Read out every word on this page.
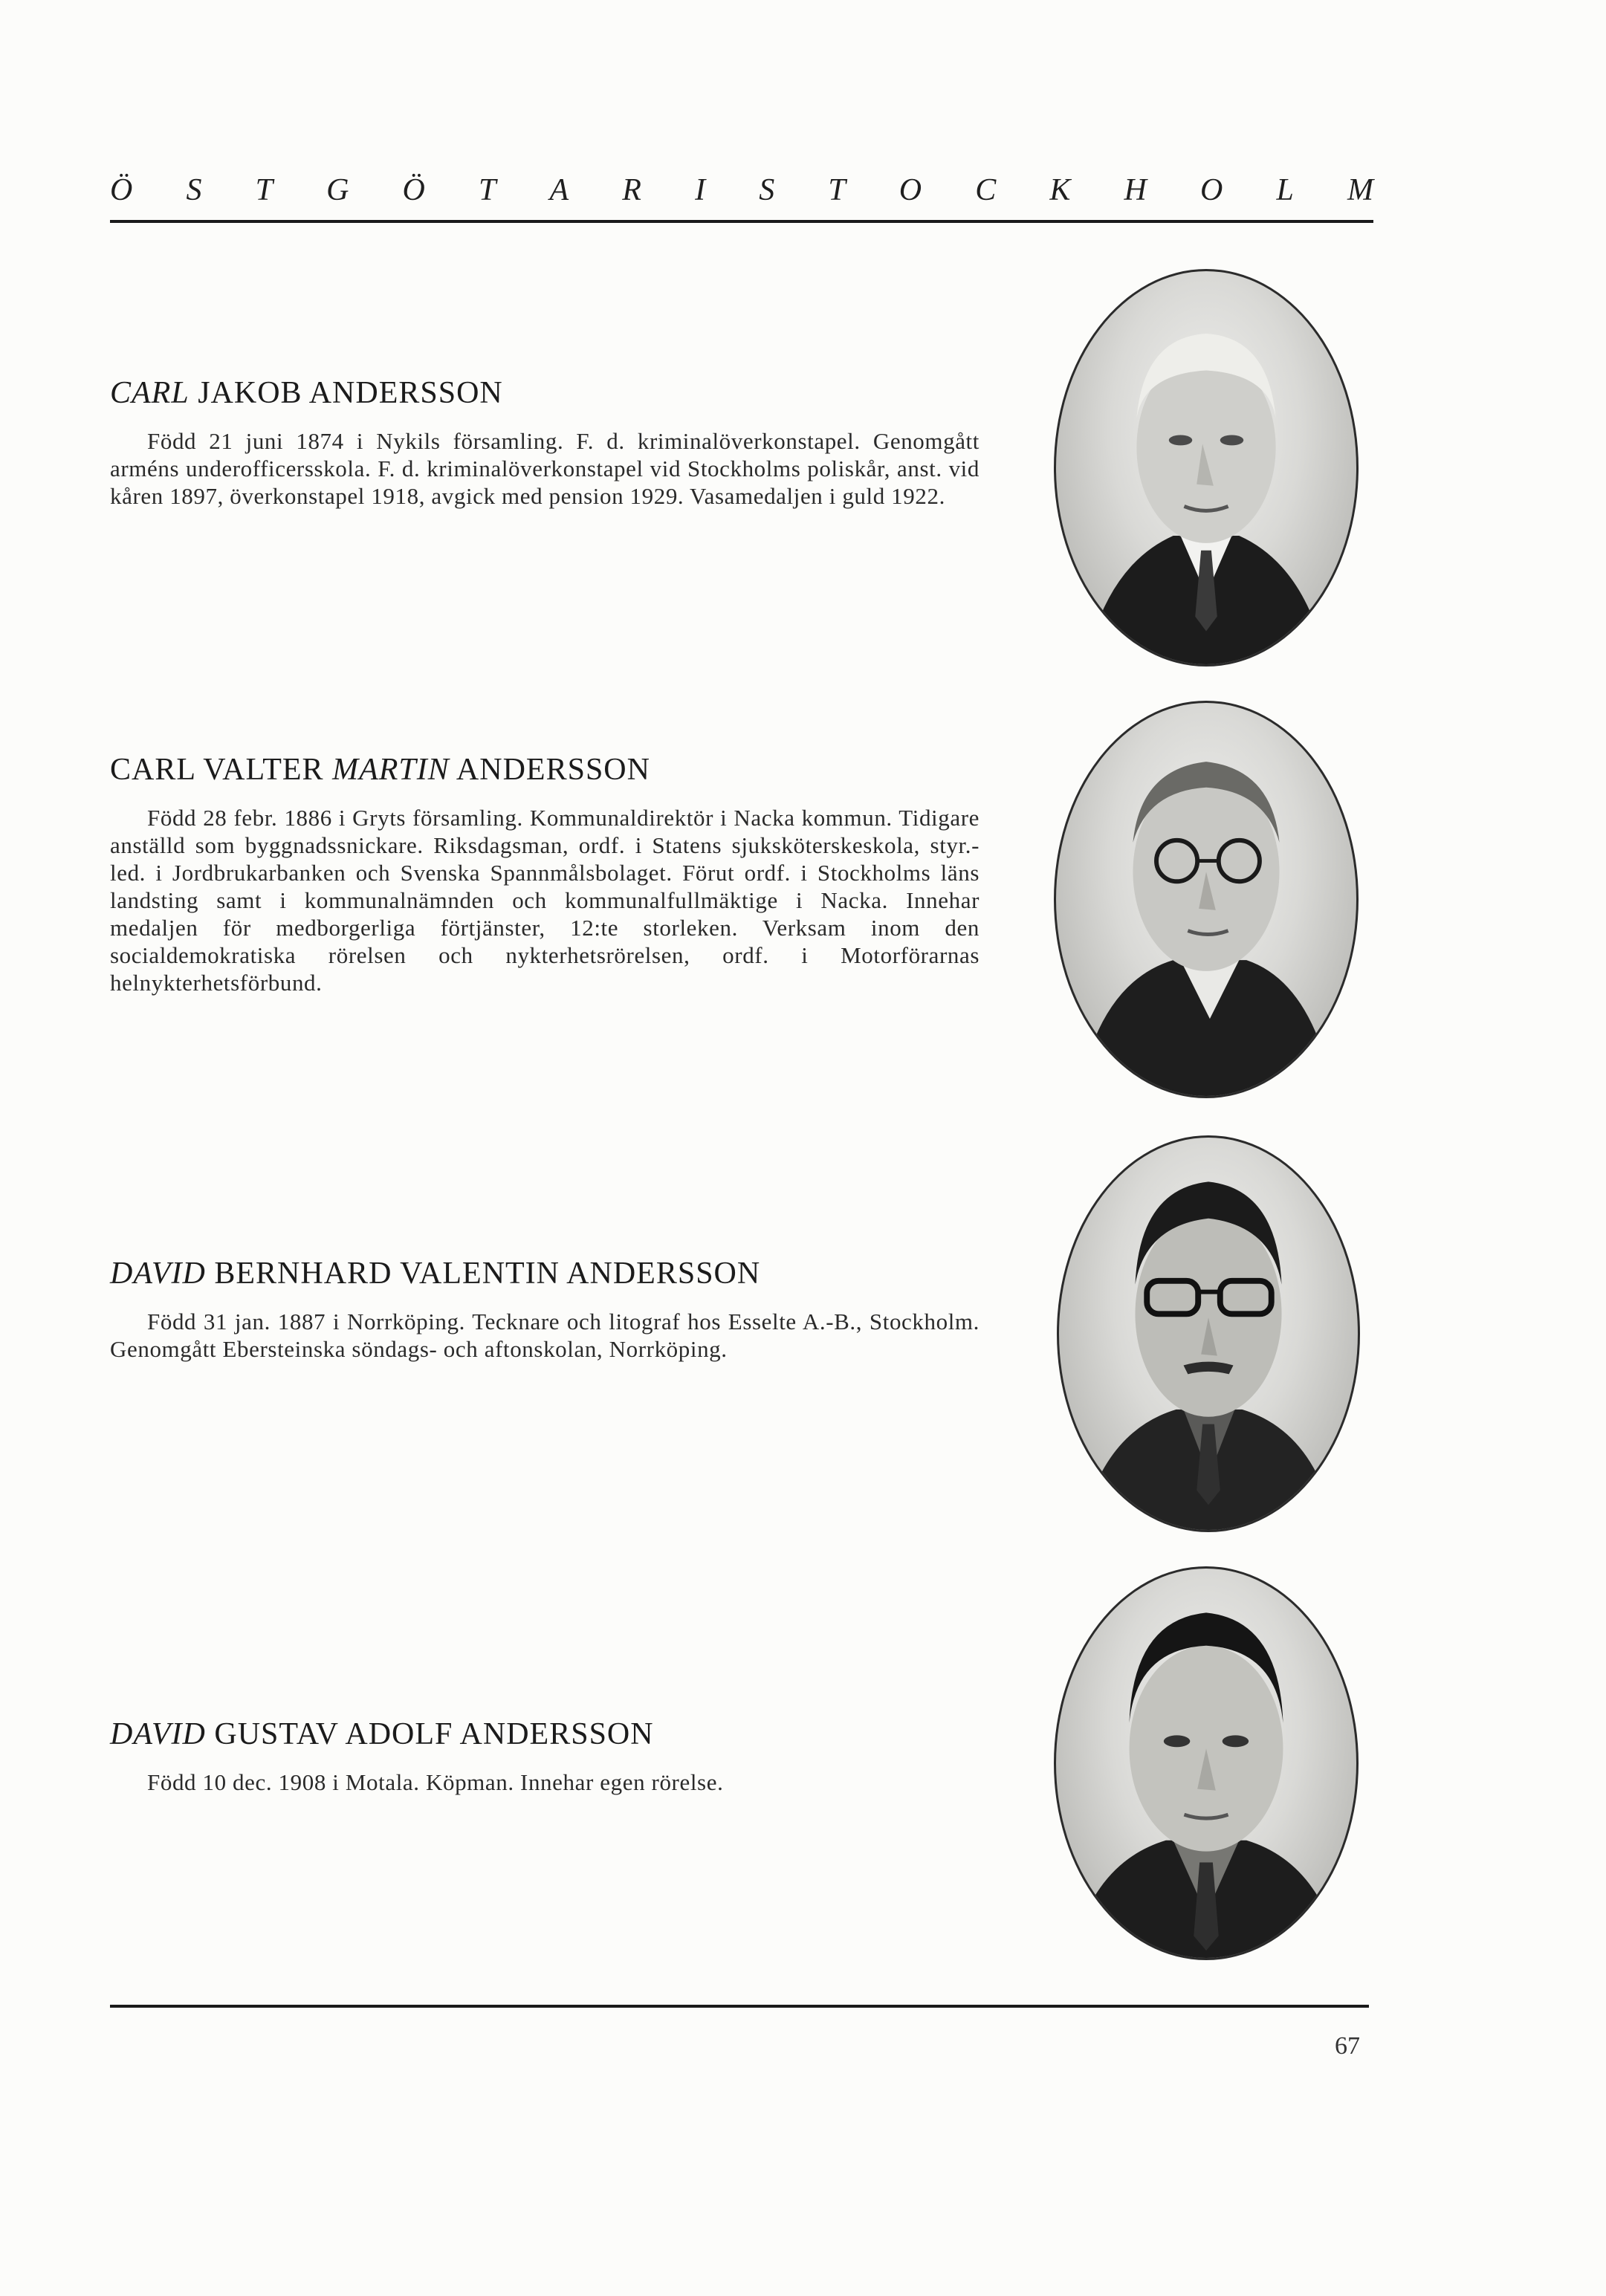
Ö S T G Ö T A R I S T O C K H O L M
CARL JAKOB ANDERSSON

Född 21 juni 1874 i Nykils församling. F. d. kriminalöverkonstapel. Genomgått arméns underofficersskola. F. d. kriminalöverkonstapel vid Stockholms poliskår, anst. vid kåren 1897, överkonstapel 1918, avgick med pension 1929. Vasamedaljen i guld 1922.

CARL VALTER MARTIN ANDERSSON

Född 28 febr. 1886 i Gryts församling. Kommunaldirektör i Nacka kommun. Tidigare anställd som byggnadssnickare. Riksdagsman, ordf. i Statens sjuksköterskeskola, styr.-led. i Jordbrukarbanken och Svenska Spannmålsbolaget. Förut ordf. i Stockholms läns landsting samt i kommunalnämnden och kommunalfullmäktige i Nacka. Innehar medaljen för medborgerliga förtjänster, 12:te storleken. Verksam inom den socialdemokratiska rörelsen och nykterhetsrörelsen, ordf. i Motorförarnas helnykterhetsförbund.

DAVID BERNHARD VALENTIN ANDERSSON

Född 31 jan. 1887 i Norrköping. Tecknare och litograf hos Esselte A.-B., Stockholm. Genomgått Ebersteinska söndags- och aftonskolan, Norrköping.

DAVID GUSTAV ADOLF ANDERSSON

Född 10 dec. 1908 i Motala. Köpman. Innehar egen rörelse.

67
